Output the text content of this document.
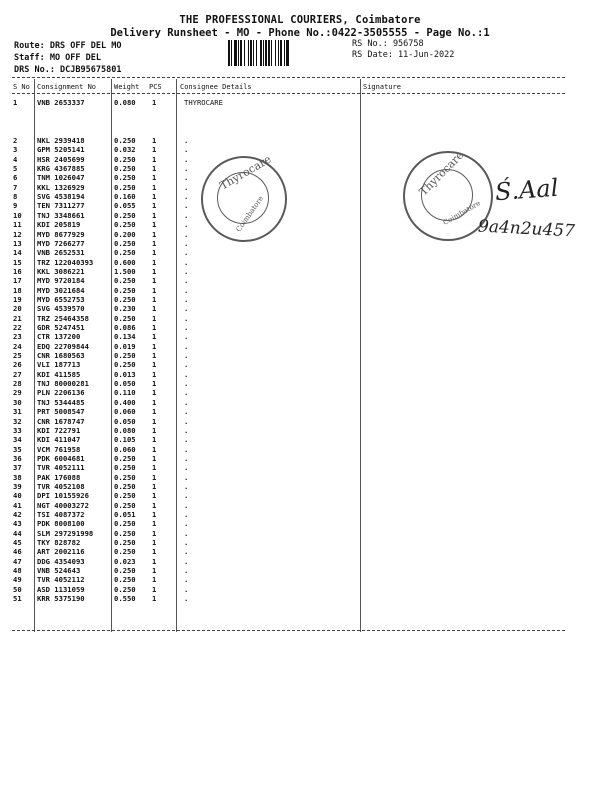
THE PROFESSIONAL COURIERS, Coimbatore
Delivery Runsheet - MO - Phone No.:0422-3505555 - Page No.:1
Route: DRS OFF DEL MO
Staff: MO OFF DEL
DRS No.: DCJB95675801
RS No.: 956758
RS Date: 11-Jun-2022
S No Consignment No	Weight PCS	Consignee Details	Signature
1	VNB 2653337	0.080 1	THYROCARE
2	NKL 2939418	0.250 1	.
3	GPM 5205141	0.032 1	.
4	HSR 2405699	0.250 1	.
5	KRG 4367885	0.250 1	.
6	TNM 1026047	0.250 1	.
7	KKL 1326929	0.250 1	.
8	SVG 4538194	0.160 1	.
9	TEN 7311277	0.055 1	.
10 TNJ 3348661	0.250 1	.
11 KDI 205819	0.250 1	.
12 MYD 8677929	0.200 1	.
13 MYD 7266277	0.250 1	.
14 VNB 2652531	0.250 1	.
15 TRZ 122040393	0.600 1	.
16 KKL 3086221	1.500 1	.
17 MYD 9720184	0.250 1	.
18 MYD 3021684	0.250 1	.
19 MYD 6552753	0.250 1	.
20 SVG 4539570	0.230 1	.
21 TRZ 25464358	0.250 1	.
22 GDR 5247451	0.086 1	.
23 CTR 137200	0.134 1	.
24 EDQ 22709844	0.019 1	.
25 CNR 1680563	0.250 1	.
26 VLI 187713	0.250 1	.
27 KDI 411585	0.013 1	.
28 TNJ 80000281	0.050 1	.
29 PLN 2206136	0.110 1	.
30 TNJ 5344485	0.400 1	.
31 PRT 5008547	0.060 1	.
32 CNR 1678747	0.050 1	.
33 KDI 722791	0.080 1	.
34 KDI 411047	0.105 1	.
35 VCM 761958	0.060 1	.
36 PDK 6004681	0.250 1	.
37 TVR 4052111	0.250 1	.
38 PAK 176088	0.250 1	.
39 TVR 4052108	0.250 1	.
40 DPI 10155926	0.250 1	.
41 NGT 40003272	0.250 1	.
42 TSI 4087372	0.051 1	.
43 PDK 8008100	0.250 1	.
44 SLM 297291998	0.250 1	.
45 TKY 828782	0.250 1	.
46 ART 2002116	0.250 1	.
47 DDG 4354093	0.023 1	.
48 VNB 524643	0.250 1	.
49 TVR 4052112	0.250 1	.
50 ASD 1131059	0.250 1	.
51 KRR 5375190	0.550 1	.
Thyrocare
Coimbatore
Thyrocare
Coimbatore
Ś.Aal
9a4n2u457
